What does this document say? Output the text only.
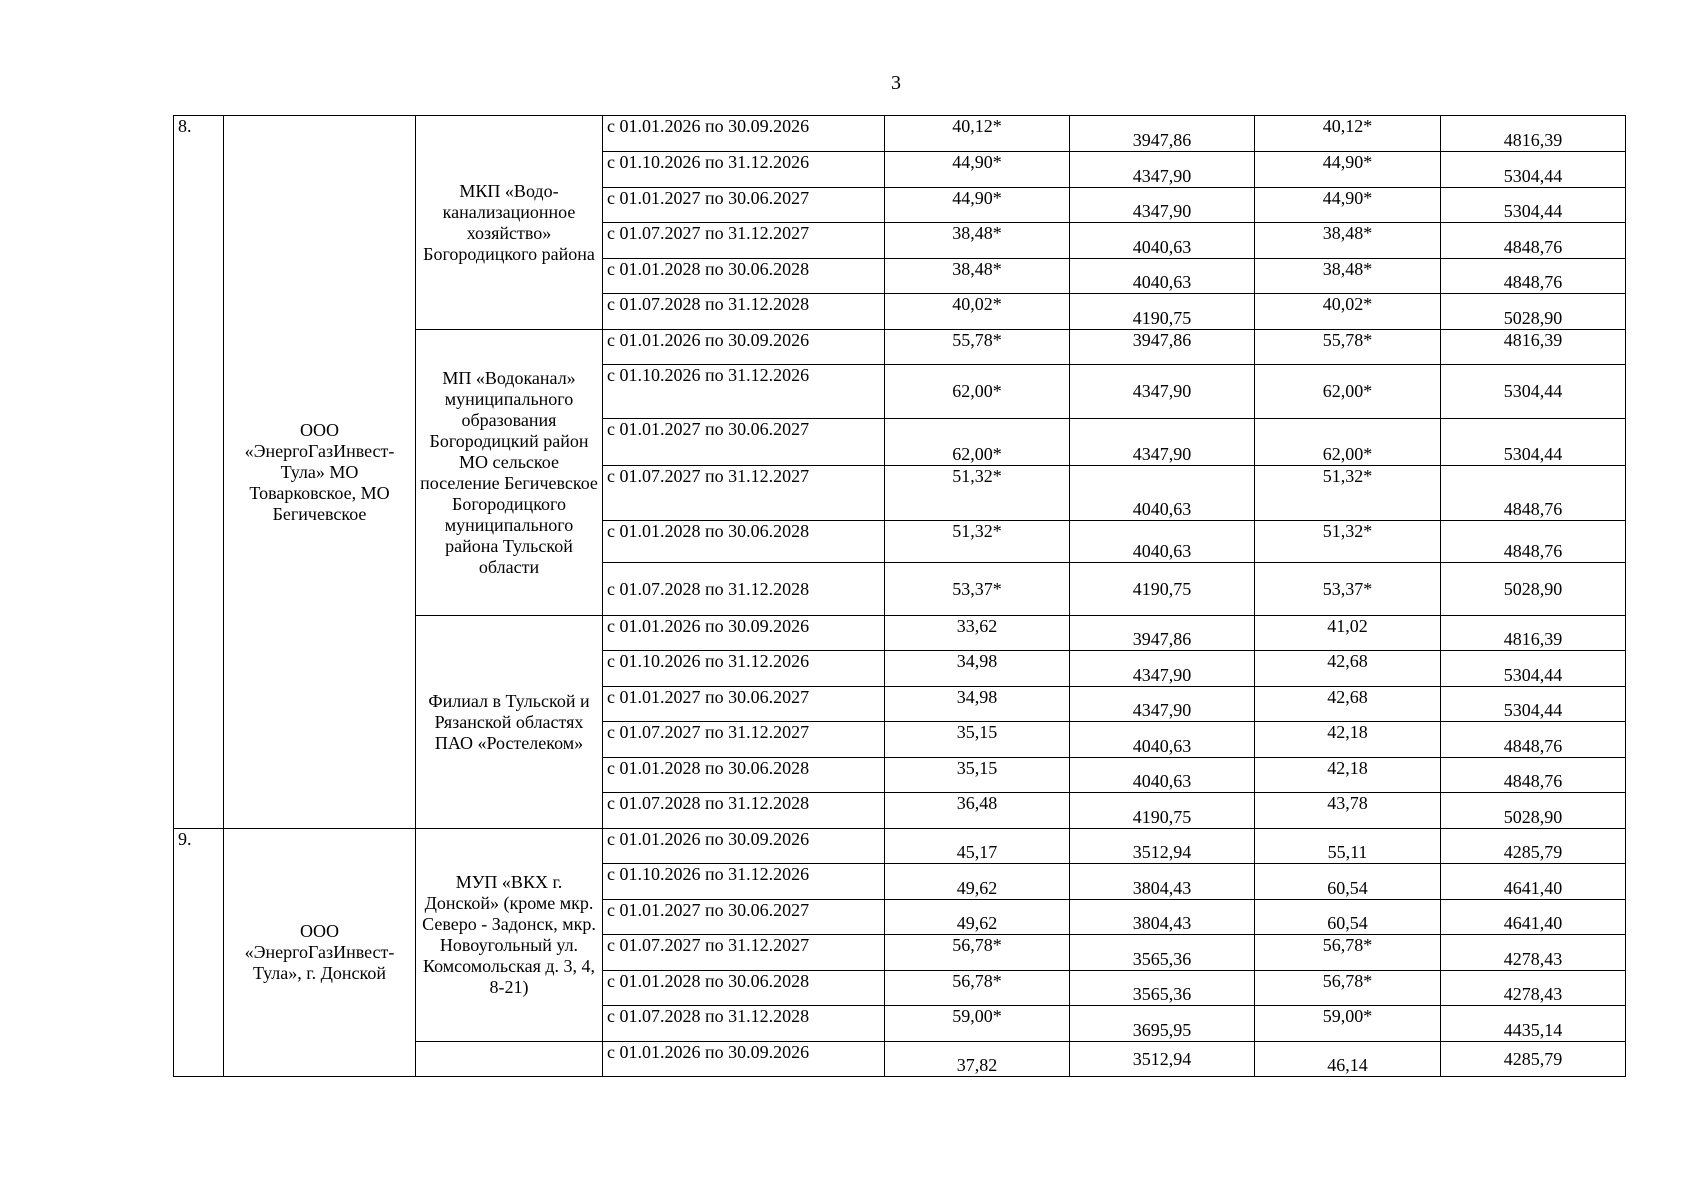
3
8.	ООО «ЭнергоГазИнвест-Тула» МО Товарковское, МО Бегичевское	МКП «Водо-канализационное хозяйство» Богородицкого района	с 01.01.2026 по 30.09.2026	40,12*	3947,86	40,12*	4816,39
			с 01.10.2026 по 31.12.2026	44,90*	4347,90	44,90*	5304,44
			с 01.01.2027 по 30.06.2027	44,90*	4347,90	44,90*	5304,44
			с 01.07.2027 по 31.12.2027	38,48*	4040,63	38,48*	4848,76
			с 01.01.2028 по 30.06.2028	38,48*	4040,63	38,48*	4848,76
			с 01.07.2028 по 31.12.2028	40,02*	4190,75	40,02*	5028,90
		МП «Водоканал» муниципального образования Богородицкий район МО сельское поселение Бегичевское Богородицкого муниципального района Тульской области	с 01.01.2026 по 30.09.2026	55,78*	3947,86	55,78*	4816,39
			с 01.10.2026 по 31.12.2026	62,00*	4347,90	62,00*	5304,44
			с 01.01.2027 по 30.06.2027	62,00*	4347,90	62,00*	5304,44
			с 01.07.2027 по 31.12.2027	51,32*	4040,63	51,32*	4848,76
			с 01.01.2028 по 30.06.2028	51,32*	4040,63	51,32*	4848,76
			с 01.07.2028 по 31.12.2028	53,37*	4190,75	53,37*	5028,90
		Филиал в Тульской и Рязанской областях ПАО «Ростелеком»	с 01.01.2026 по 30.09.2026	33,62	3947,86	41,02	4816,39
			с 01.10.2026 по 31.12.2026	34,98	4347,90	42,68	5304,44
			с 01.01.2027 по 30.06.2027	34,98	4347,90	42,68	5304,44
			с 01.07.2027 по 31.12.2027	35,15	4040,63	42,18	4848,76
			с 01.01.2028 по 30.06.2028	35,15	4040,63	42,18	4848,76
			с 01.07.2028 по 31.12.2028	36,48	4190,75	43,78	5028,90
9.	ООО «ЭнергоГазИнвест-Тула», г. Донской	МУП «ВКХ г. Донской» (кроме мкр. Северо - Задонск, мкр. Новоугольный ул. Комсомольская д. 3, 4, 8-21)	с 01.01.2026 по 30.09.2026	45,17	3512,94	55,11	4285,79
			с 01.10.2026 по 31.12.2026	49,62	3804,43	60,54	4641,40
			с 01.01.2027 по 30.06.2027	49,62	3804,43	60,54	4641,40
			с 01.07.2027 по 31.12.2027	56,78*	3565,36	56,78*	4278,43
			с 01.01.2028 по 30.06.2028	56,78*	3565,36	56,78*	4278,43
			с 01.07.2028 по 31.12.2028	59,00*	3695,95	59,00*	4435,14
			с 01.01.2026 по 30.09.2026	37,82	3512,94	46,14	4285,79
